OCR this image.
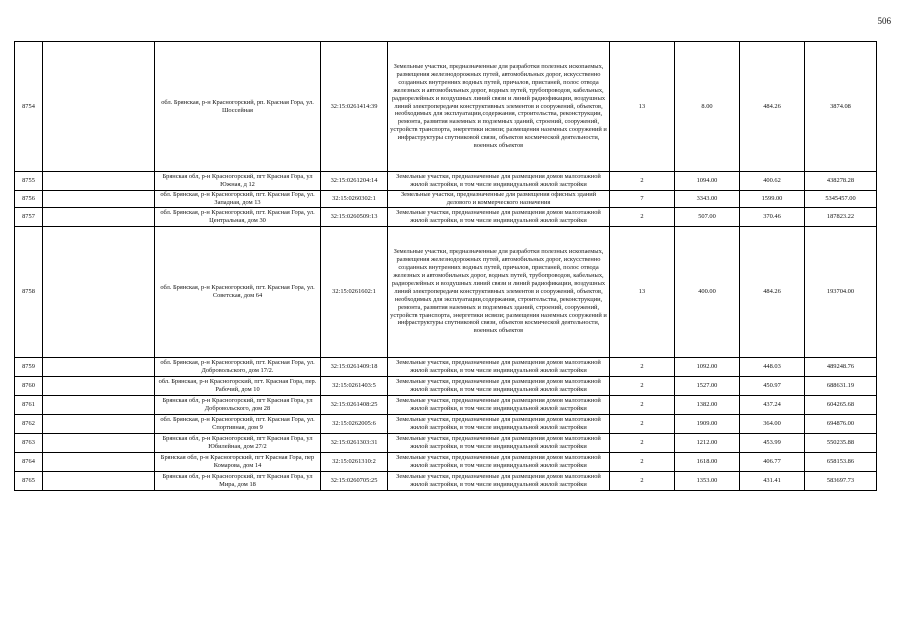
506
8754		обл. Брянская, р-н Красногорский, рп. Красная Гора, ул. Шоссейная	32:15:0261414:39	Земельные участки, предназначенные для разработки полезных ископаемых, размещения железнодорожных путей, автомобильных дорог, искусственно созданных внутренних водных путей, причалов, пристаней, полос отвода железных и автомобильных дорог, водных путей, трубопроводов, кабельных, радиорелейных и воздушных линий связи и линий радиофикации, воздушных линий электропередачи конструктивных элементов и сооружений, объектов, необходимых для эксплуатации,содержания, строительства, реконструкции, ремонта, развития наземных и подземных зданий, строений, сооружений, устройств транспорта, энергетики исвязи; размещения наземных сооружений и инфраструктуры спутниковой связи, объектов космической деятельности, военных объектов	13	8.00	484.26	3874.08
8755		Брянская обл, р-н Красногорский, пгт Красная Гора, ул Южная, д 12	32:15:0261204:14	Земельные участки, предназначенные для размещения домов малоэтажной жилой застройки, в том числе индивидуальной жилой застройки	2	1094.00	400.62	438278.28
8756		обл. Брянская, р-н Красногорский, пгт. Красная Гора, ул. Западная, дом 13	32:15:0260302:1	Земельные участки, предназначенные для размещения офисных зданий делового и коммерческого назначения	7	3343.00	1599.00	5345457.00
8757		обл. Брянская, р-н Красногорский, пгт. Красная Гора, ул. Центральная, дом 30	32:15:0260509:13	Земельные участки, предназначенные для размещения домов малоэтажной жилой застройки, в том числе индивидуальной жилой застройки	2	507.00	370.46	187823.22
8758		обл. Брянская, р-н Красногорский, пгт. Красная Гора, ул. Советская, дом 64	32:15:0261602:1	Земельные участки, предназначенные для разработки полезных ископаемых, размещения железнодорожных путей, автомобильных дорог, искусственно созданных внутренних водных путей, причалов, пристаней, полос отвода железных и автомобильных дорог, водных путей, трубопроводов, кабельных, радиорелейных и воздушных линий связи и линий радиофикации, воздушных линий электропередачи конструктивных элементов и сооружений, объектов, необходимых для эксплуатации,содержания, строительства, реконструкции, ремонта, развития наземных и подземных зданий, строений, сооружений, устройств транспорта, энергетики исвязи; размещения наземных сооружений и инфраструктуры спутниковой связи, объектов космической деятельности, военных объектов	13	400.00	484.26	193704.00
8759		обл. Брянская, р-н Красногорский, пгт. Красная Гора, ул. Добровольского, дом 17/2.	32:15:0261409:18	Земельные участки, предназначенные для размещения домов малоэтажной жилой застройки, в том числе индивидуальной жилой застройки	2	1092.00	448.03	489248.76
8760		обл. Брянская, р-н Красногорский, пгт. Красная Гора, пер. Рабочий, дом 10	32:15:0261403:5	Земельные участки, предназначенные для размещения домов малоэтажной жилой застройки, в том числе индивидуальной жилой застройки	2	1527.00	450.97	688631.19
8761		Брянская обл, р-н Красногорский, пгт Красная Гора, ул Добровольского, дом 28	32:15:0261408:25	Земельные участки, предназначенные для размещения домов малоэтажной жилой застройки, в том числе индивидуальной жилой застройки	2	1382.00	437.24	604265.68
8762		обл. Брянская, р-н Красногорский, пгт. Красная Гора, ул. Спортивная, дом 9	32:15:0262005:6	Земельные участки, предназначенные для размещения домов малоэтажной жилой застройки, в том числе индивидуальной жилой застройки	2	1909.00	364.00	694876.00
8763		Брянская обл, р-н Красногорский, пгт Красная Гора, ул Юбилейная, дом 27/2	32:15:0261303:31	Земельные участки, предназначенные для размещения домов малоэтажной жилой застройки, в том числе индивидуальной жилой застройки	2	1212.00	453.99	550235.88
8764		Брянская обл, р-н Красногорский, пгт Красная Гора, пер Комарова, дом 14	32:15:0261310:2	Земельные участки, предназначенные для размещения домов малоэтажной жилой застройки, в том числе индивидуальной жилой застройки	2	1618.00	406.77	658153.86
8765		Брянская обл, р-н Красногорский, пгт Красная Гора, ул Мира, дом 18	32:15:0260705:25	Земельные участки, предназначенные для размещения домов малоэтажной жилой застройки, в том числе индивидуальной жилой застройки	2	1353.00	431.41	583697.73
